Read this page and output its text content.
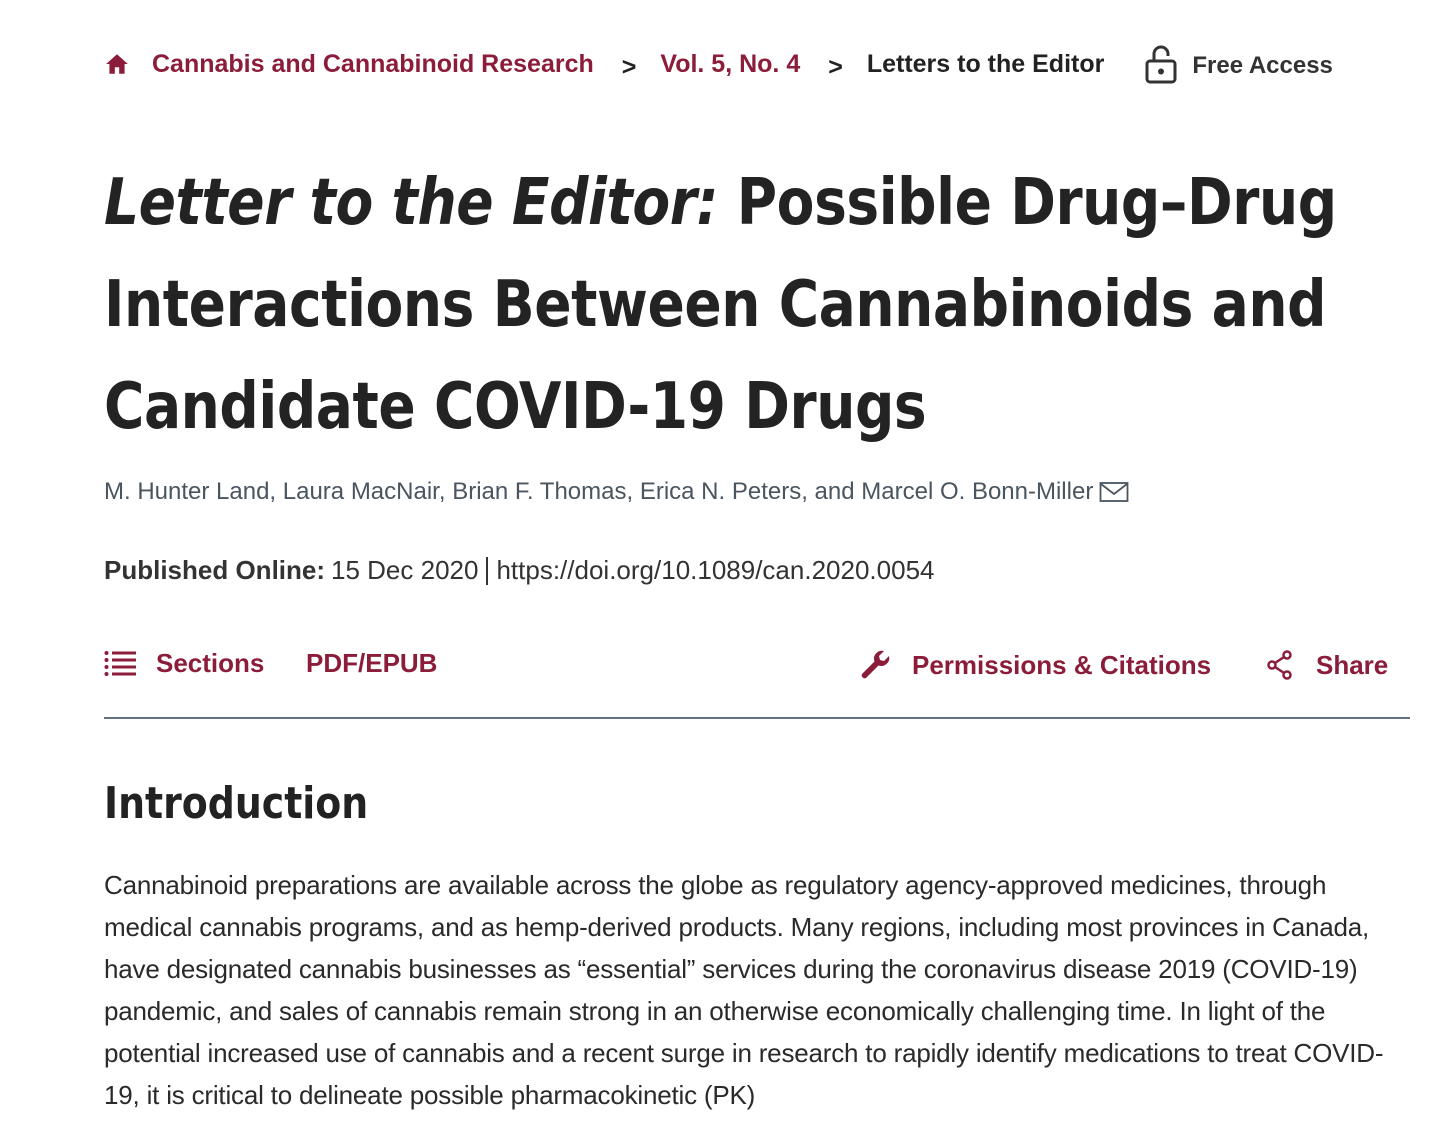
Cannabis and Cannabinoid Research > Vol. 5, No. 4 > Letters to the Editor	Free Access
Letter to the Editor: Possible Drug–Drug Interactions Between Cannabinoids and Candidate COVID-19 Drugs
M. Hunter Land,
Laura MacNair,
Brian F. Thomas,
Erica N. Peters,
and Marcel O. Bonn-Miller
Published Online: 15 Dec 2020 https://doi.org/10.1089/can.2020.0054
Sections PDF/EPUB	Permissions & Citations	Share
Introduction

Cannabinoid preparations are available across the globe as regulatory agency-approved medicines, through medical cannabis programs, and as hemp-derived products. Many regions, including most provinces in Canada, have designated cannabis businesses as “essential” services during the coronavirus disease 2019 (COVID-19) pandemic, and sales of cannabis remain strong in an otherwise economically challenging time. In light of the potential increased use of cannabis and a recent surge in research to rapidly identify medications to treat COVID-19, it is critical to delineate possible pharmacokinetic (PK)
